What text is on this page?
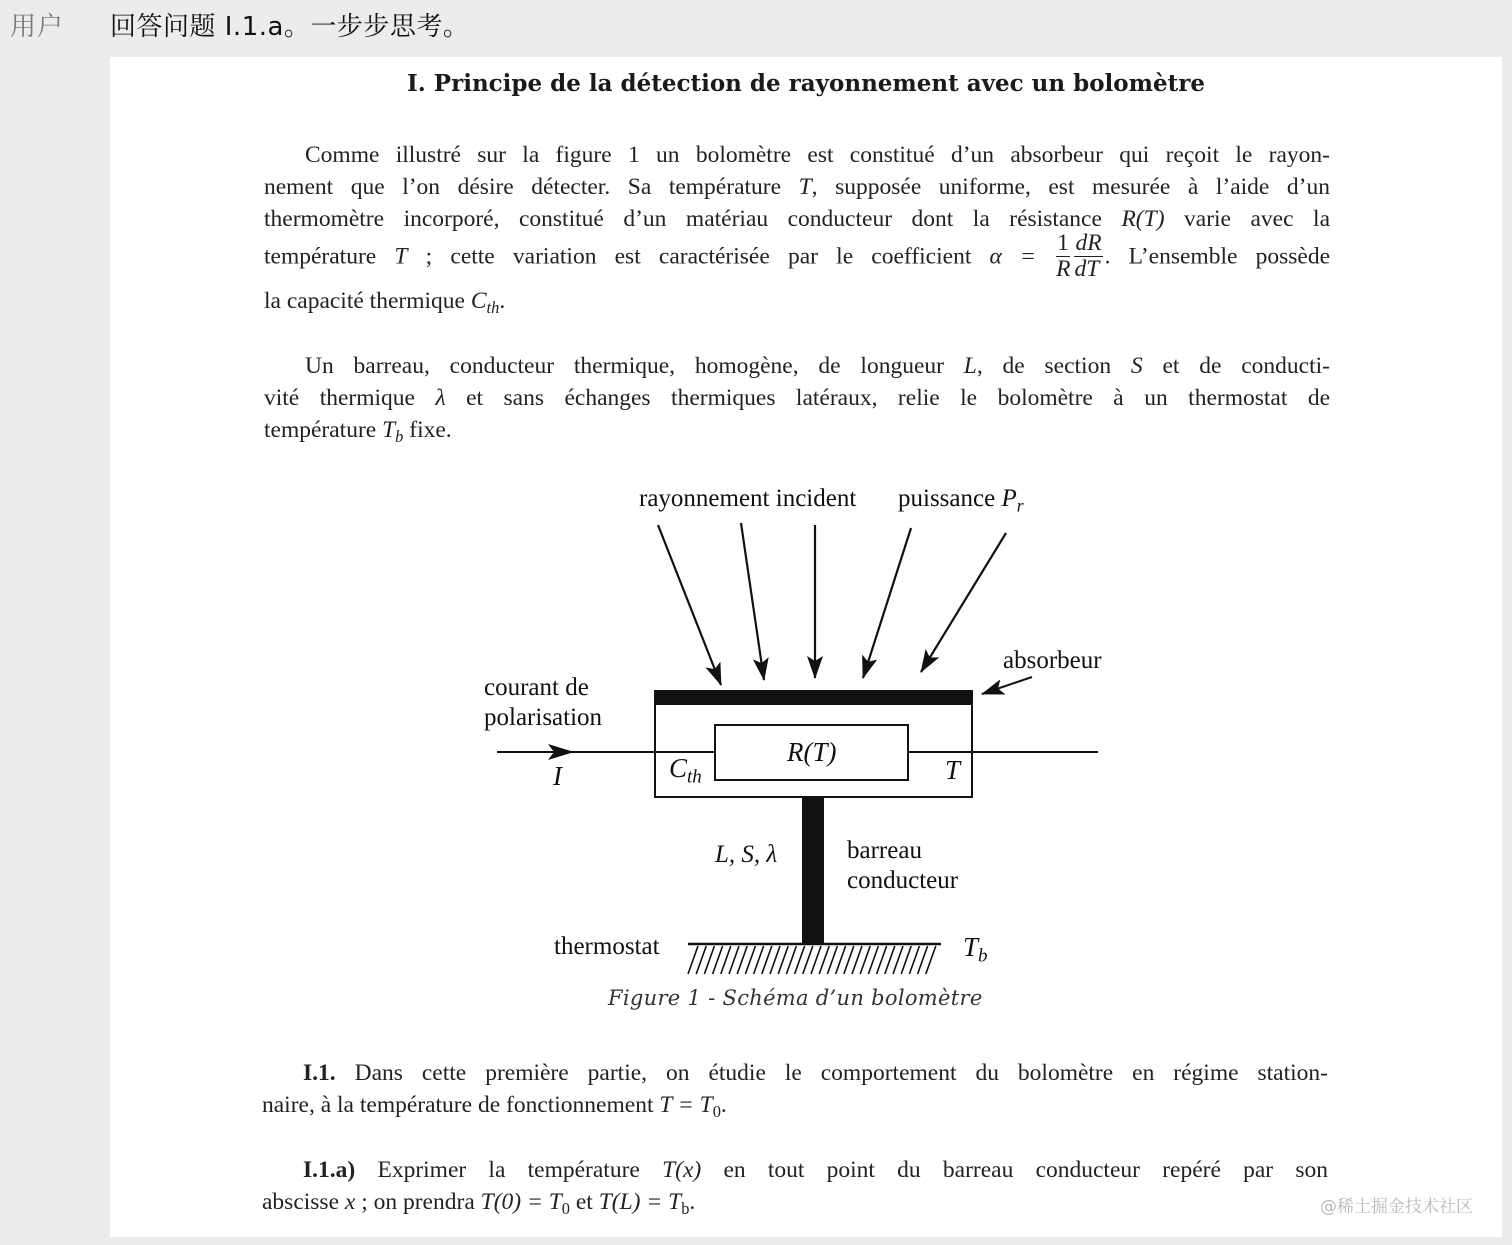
用户 回答问题 I.1.a。一步步思考。
I. Principe de la détection de rayonnement avec un bolomètre
Comme illustré sur la figure 1 un bolomètre est constitué d’un absorbeur qui reçoit le rayon-
nement que l’on désire détecter. Sa température T, supposée uniforme, est mesurée à l’aide d’un
thermomètre incorporé, constitué d’un matériau conducteur dont la résistance R(T) varie avec la
température T ; cette variation est caractérisée par le coefficient $\alpha = \frac{1}{R} \frac{dR}{dT}$ . L’ensemble possède
la capacité thermique $C_{th}$.
Un barreau, conducteur thermique, homogène, de longueur L, de section S et de conducti-
vité thermique λ et sans échanges thermiques latéraux, relie le bolomètre à un thermostat de
température $T_b$ fixe.
rayonnement incident puissance $P_r$
absorbeur
courant de
polarisation
I	$C_{th}$
R(T)
T
L, S, λ	barreau
conducteur
thermostat	$T_b$
Figure 1 - Schéma d’un bolomètre
I.1. Dans cette première partie, on étudie le comportement du bolomètre en régime station-
naire, à la température de fonctionnement $T = T_0$.
I.1.a) Exprimer la température T(x) en tout point du barreau conducteur repéré par son
abscisse x ; on prendra $T(0) = T_0$ et $T(L) = T_b$.	@稀土掘金技术社区
